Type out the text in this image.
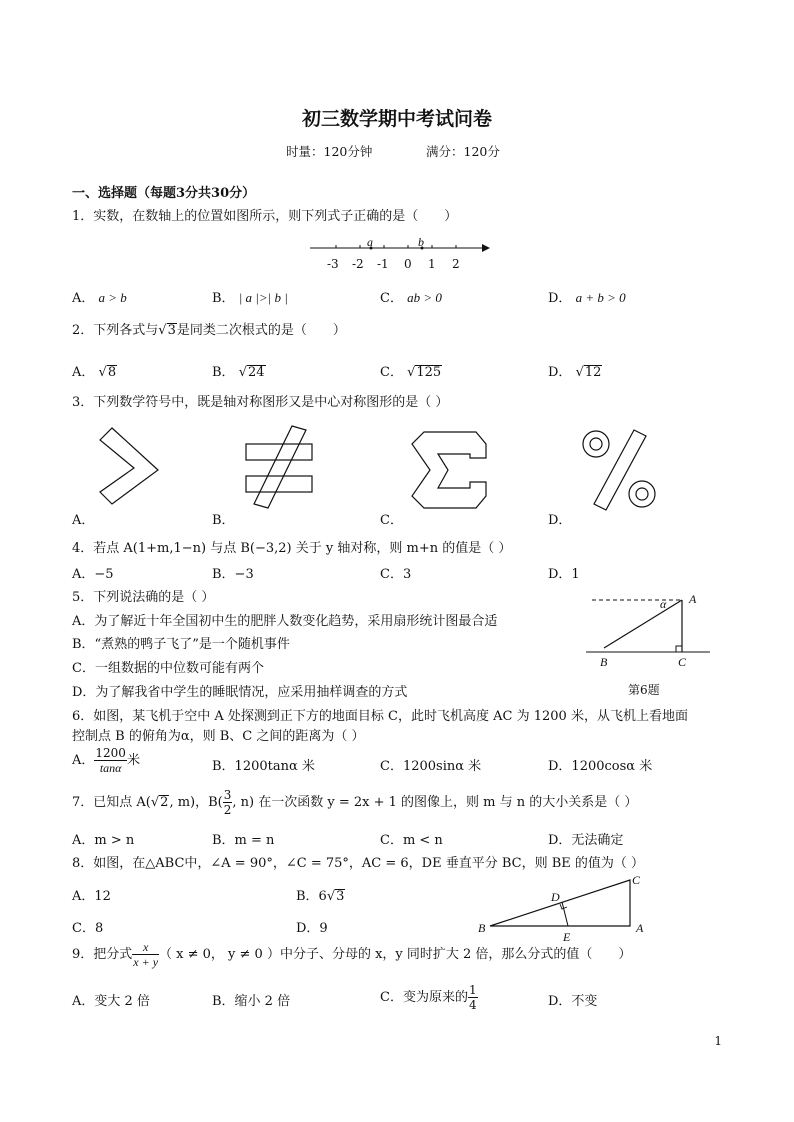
初三数学期中考试问卷
时量：120分钟	满分：120分
一、选择题（每题3分共30分）
1．实数，在数轴上的位置如图所示，则下列式子正确的是（　　）
a	b
-3 -2 -1 0 1 2
A． a > b	B． | a |>| b |	C． ab > 0	D． a + b > 0
2．下列各式与√3是同类二次根式的是（　　）
A． √8	B． √24	C． √125	D． √12
3．下列数学符号中，既是轴对称图形又是中心对称图形的是（ ）
A．	B．	C．	D．
4．若点 A(1+m,1−n) 与点 B(−3,2) 关于 y 轴对称，则 m+n 的值是（ ）
A．−5	B．−3	C．3	D．1
5．下列说法确的是（ ）
A．为了解近十年全国初中生的肥胖人数变化趋势，采用扇形统计图最合适
B．“煮熟的鸭子飞了”是一个随机事件
C．一组数据的中位数可能有两个
D．为了解我省中学生的睡眠情况，应采用抽样调查的方式
A
α
B	C
第6题
6．如图，某飞机于空中 A 处探测到正下方的地面目标 C，此时飞机高度 AC 为 1200 米，从飞机上看地面
控制点 B 的俯角为α，则 B、C 之间的距离为（ ）
A． $\frac{1200}{\tan\alpha}$ 米	B．1200tanα 米	C．1200sinα 米	D．1200cosα 米
7．已知点 A(√2, m)，$B( \frac{3}{2}$ , n) 在一次函数 y = 2x + 1 的图像上，则 m 与 n 的大小关系是（ ）
A．m > n	B．m = n	C．m < n	D．无法确定
8．如图，在△ABC中，∠A = 90°，∠C = 75°，AC = 6，DE 垂直平分 BC，则 BE 的值为（ ）
A．12	B．6√3
C．8	D．9
C
D
B	A
E
9．把分式 $\frac{x}{x + y}$ （ x ≠ 0， y ≠ 0 ）中分子、分母的 x，y 同时扩大 2 倍，那么分式的值（　　）
A．变大 2 倍	B．缩小 2 倍	C．变为原来的 $\frac{1}{4}$	D．不变
1
